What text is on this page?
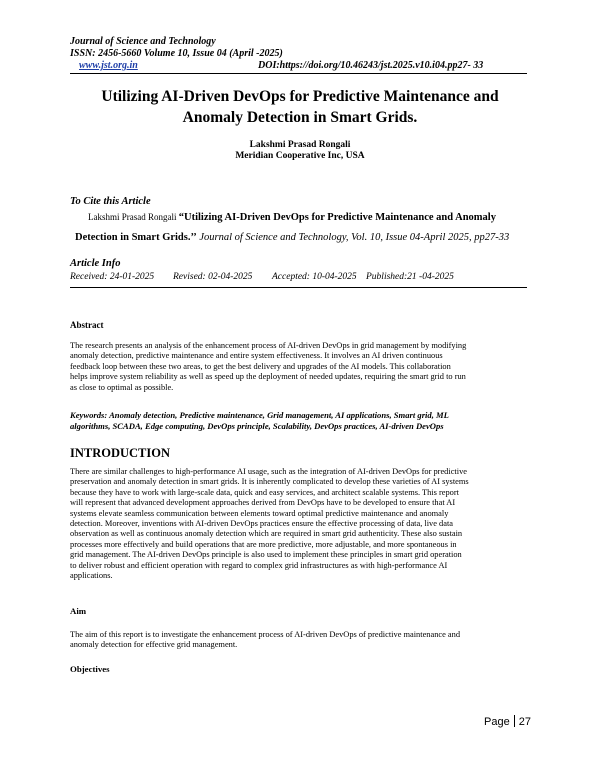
Journal of Science and Technology
ISSN: 2456-5660 Volume 10, Issue 04 (April -2025)
www.jst.org.in	DOI:https://doi.org/10.46243/jst.2025.v10.i04.pp27- 33
Utilizing AI-Driven DevOps for Predictive Maintenance and
Anomaly Detection in Smart Grids.
Lakshmi Prasad Rongali
Meridian Cooperative Inc, USA
To Cite this Article
Lakshmi Prasad Rongali “Utilizing AI-Driven DevOps for Predictive Maintenance and Anomaly
Detection in Smart Grids.’’ Journal of Science and Technology, Vol. 10, Issue 04-April 2025, pp27-33
Article Info
Received: 24-01-2025 Revised: 02-04-2025 Accepted: 10-04-2025 Published:21 -04-2025
Abstract
The research presents an analysis of the enhancement process of AI-driven DevOps in grid management by modifying
anomaly detection, predictive maintenance and entire system effectiveness. It involves an AI driven continuous
feedback loop between these two areas, to get the best delivery and upgrades of the AI models. This collaboration
helps improve system reliability as well as speed up the deployment of needed updates, requiring the smart grid to run
as close to optimal as possible.
Keywords: Anomaly detection, Predictive maintenance, Grid management, AI applications, Smart grid, ML
algorithms, SCADA, Edge computing, DevOps principle, Scalability, DevOps practices, AI-driven DevOps
INTRODUCTION
There are similar challenges to high-performance AI usage, such as the integration of AI-driven DevOps for predictive
preservation and anomaly detection in smart grids. It is inherently complicated to develop these varieties of AI systems
because they have to work with large-scale data, quick and easy services, and architect scalable systems. This report
will represent that advanced development approaches derived from DevOps have to be developed to ensure that AI
systems elevate seamless communication between elements toward optimal predictive maintenance and anomaly
detection. Moreover, inventions with AI-driven DevOps practices ensure the effective processing of data, live data
observation as well as continuous anomaly detection which are required in smart grid authenticity. These also sustain
processes more effectively and build operations that are more predictive, more adjustable, and more spontaneous in
grid management. The AI-driven DevOps principle is also used to implement these principles in smart grid operation
to deliver robust and efficient operation with regard to complex grid infrastructures as with high-performance AI
applications.
Aim
The aim of this report is to investigate the enhancement process of AI-driven DevOps of predictive maintenance and
anomaly detection for effective grid management.
Objectives
Page 27
